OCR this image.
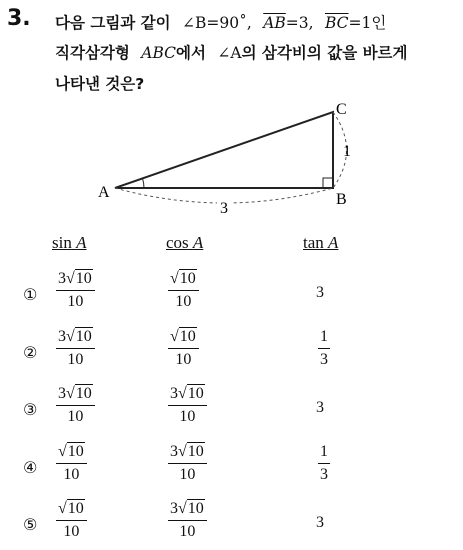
3. 다음 그림과 같이 ∠B=90˚, $\overline{AB}=3$, $\overline{BC}=1$인
직각삼각형 ABC에서 ∠A의 삼각비의 값을 바르게
나타낸 것은?
A	B
C
1
3
sin A	cos A	tan A
① $\frac{3√10}{10}$	$\frac{√10}{10}$	3
② $\frac{3√10}{10}$	$\frac{√10}{10}$	$\frac{1}{3}$
③ $\frac{3√10}{10}$	$\frac{3√10}{10}$	3
④ $\frac{√10}{10}$	$\frac{3√10}{10}$	$\frac{1}{3}$
⑤ $\frac{√10}{10}$	$\frac{3√10}{10}$	3
